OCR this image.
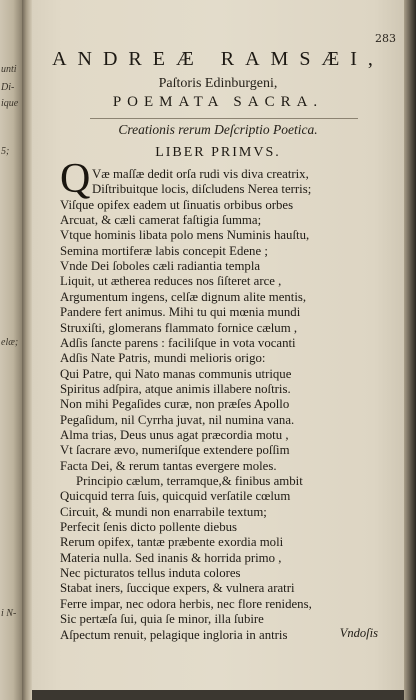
unti
Di-
ique
5;
elæ;
i N-
283
ANDREÆ RAMSÆI,
Paſtoris Edinburgeni,
POEMATA SACRA.
Creationis rerum Deſcriptio Poetica.
LIBER PRIMVS.
Q Væ maſſæ dedit orſa rudi vis diva creatrix,
Diſtribuitque locis, diſcludens Nerea terris;
Viſque opifex eadem ut ſinuatis orbibus orbes
Arcuat, & cæli camerat faſtigia ſumma;
Vtque hominis libata polo mens Numinis hauſtu,
Semina mortiferæ labis concepit Edene ;
Vnde Dei ſoboles cæli radiantia templa
Liquit, ut ætherea reduces nos ſiſteret arce ,
Argumentum ingens, celſæ dignum alite mentis,
Pandere fert animus. Mihi tu qui mœnia mundi
Struxiſti, glomerans flammato fornice cælum ,
Adſis ſancte parens : faciliſque in vota vocanti
Adſis Nate Patris, mundi melioris origo:
Qui Patre, qui Nato manas communis utrique
Spiritus adſpira, atque animis illabere noſtris.
Non mihi Pegaſides curæ, non præſes Apollo
Pegaſidum, nil Cyrrha juvat, nil numina vana.
Alma trias, Deus unus agat præcordia motu ,
Vt ſacrare ævo, numeriſque extendere poſſim
Facta Dei, & rerum tantas evergere moles.
Principio cælum, terramque,& finibus ambit
Quicquid terra ſuis, quicquid verſatile cœlum
Circuit, & mundi non enarrabile textum;
Perfecit ſenis dicto pollente diebus
Rerum opifex, tantæ præbente exordia moli
Materia nulla. Sed inanis & horrida primo ,
Nec picturatos tellus induta colores
Stabat iners, ſuccique expers, & vulnera aratri
Ferre impar, nec odora herbis, nec flore renidens,
Sic pertæſa ſui, quia ſe minor, illa ſubire
Aſpectum renuit, pelagique ingloria in antris	Vndoſis
